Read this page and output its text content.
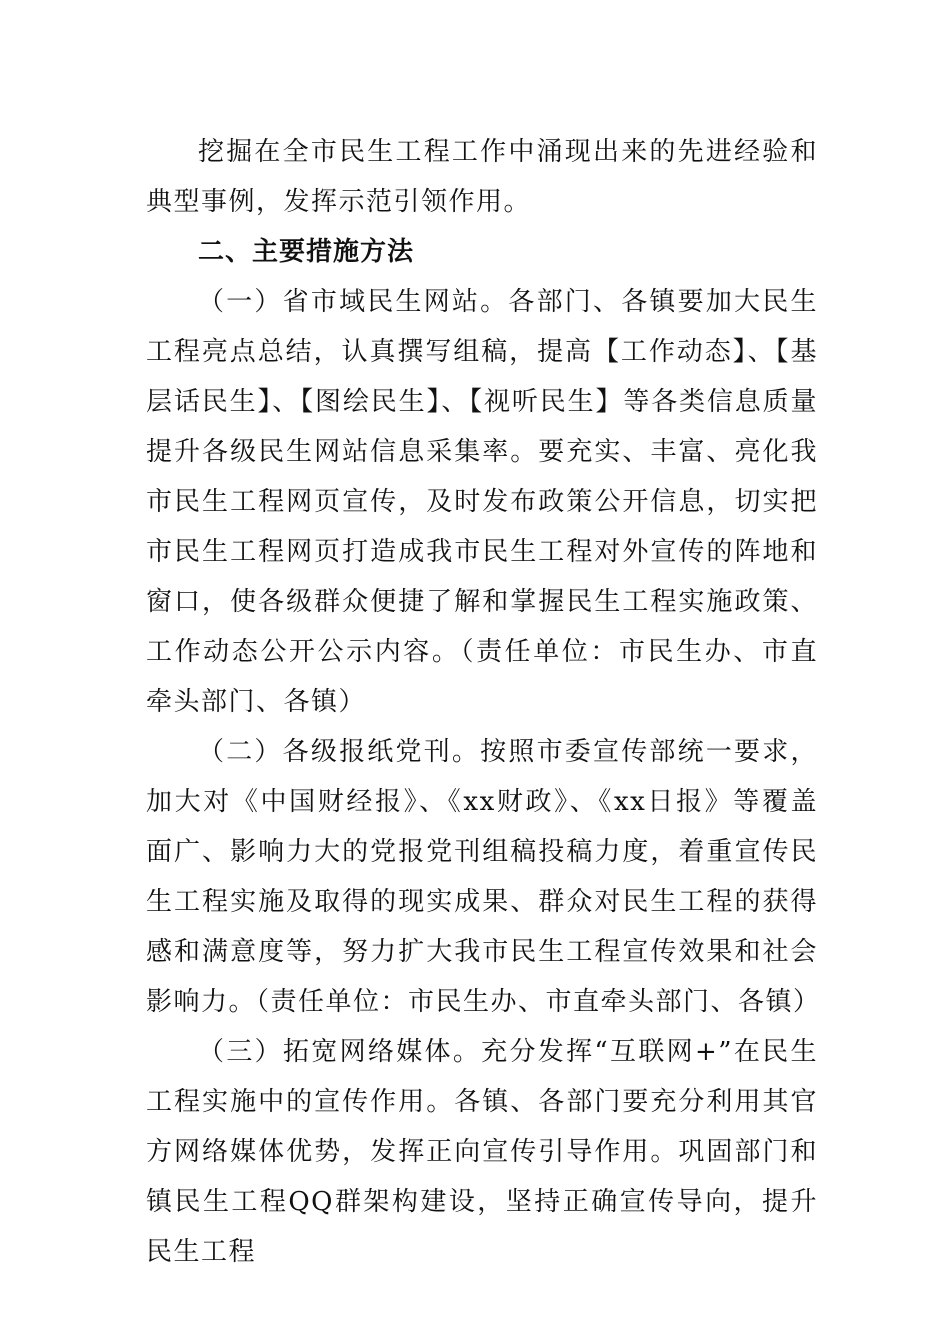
挖掘在全市民生工程工作中涌现出来的先进经验和典型事例，发挥示范引领作用。

二、主要措施方法

（一）省市域民生网站。各部门、各镇要加大民生工程亮点总结，认真撰写组稿，提高【工作动态】、【基层话民生】、【图绘民生】、【视听民生】等各类信息质量提升各级民生网站信息采集率。要充实、丰富、亮化我市民生工程网页宣传，及时发布政策公开信息，切实把市民生工程网页打造成我市民生工程对外宣传的阵地和窗口，使各级群众便捷了解和掌握民生工程实施政策、工作动态公开公示内容。（责任单位：市民生办、市直牵头部门、各镇）

（二）各级报纸党刊。按照市委宣传部统一要求，加大对《中国财经报》、《xx财政》、《xx日报》等覆盖面广、影响力大的党报党刊组稿投稿力度，着重宣传民生工程实施及取得的现实成果、群众对民生工程的获得感和满意度等，努力扩大我市民生工程宣传效果和社会影响力。（责任单位：市民生办、市直牵头部门、各镇）

（三）拓宽网络媒体。充分发挥“互联网+”在民生工程实施中的宣传作用。各镇、各部门要充分利用其官方网络媒体优势，发挥正向宣传引导作用。巩固部门和镇民生工程QQ群架构建设，坚持正确宣传导向，提升民生工程
